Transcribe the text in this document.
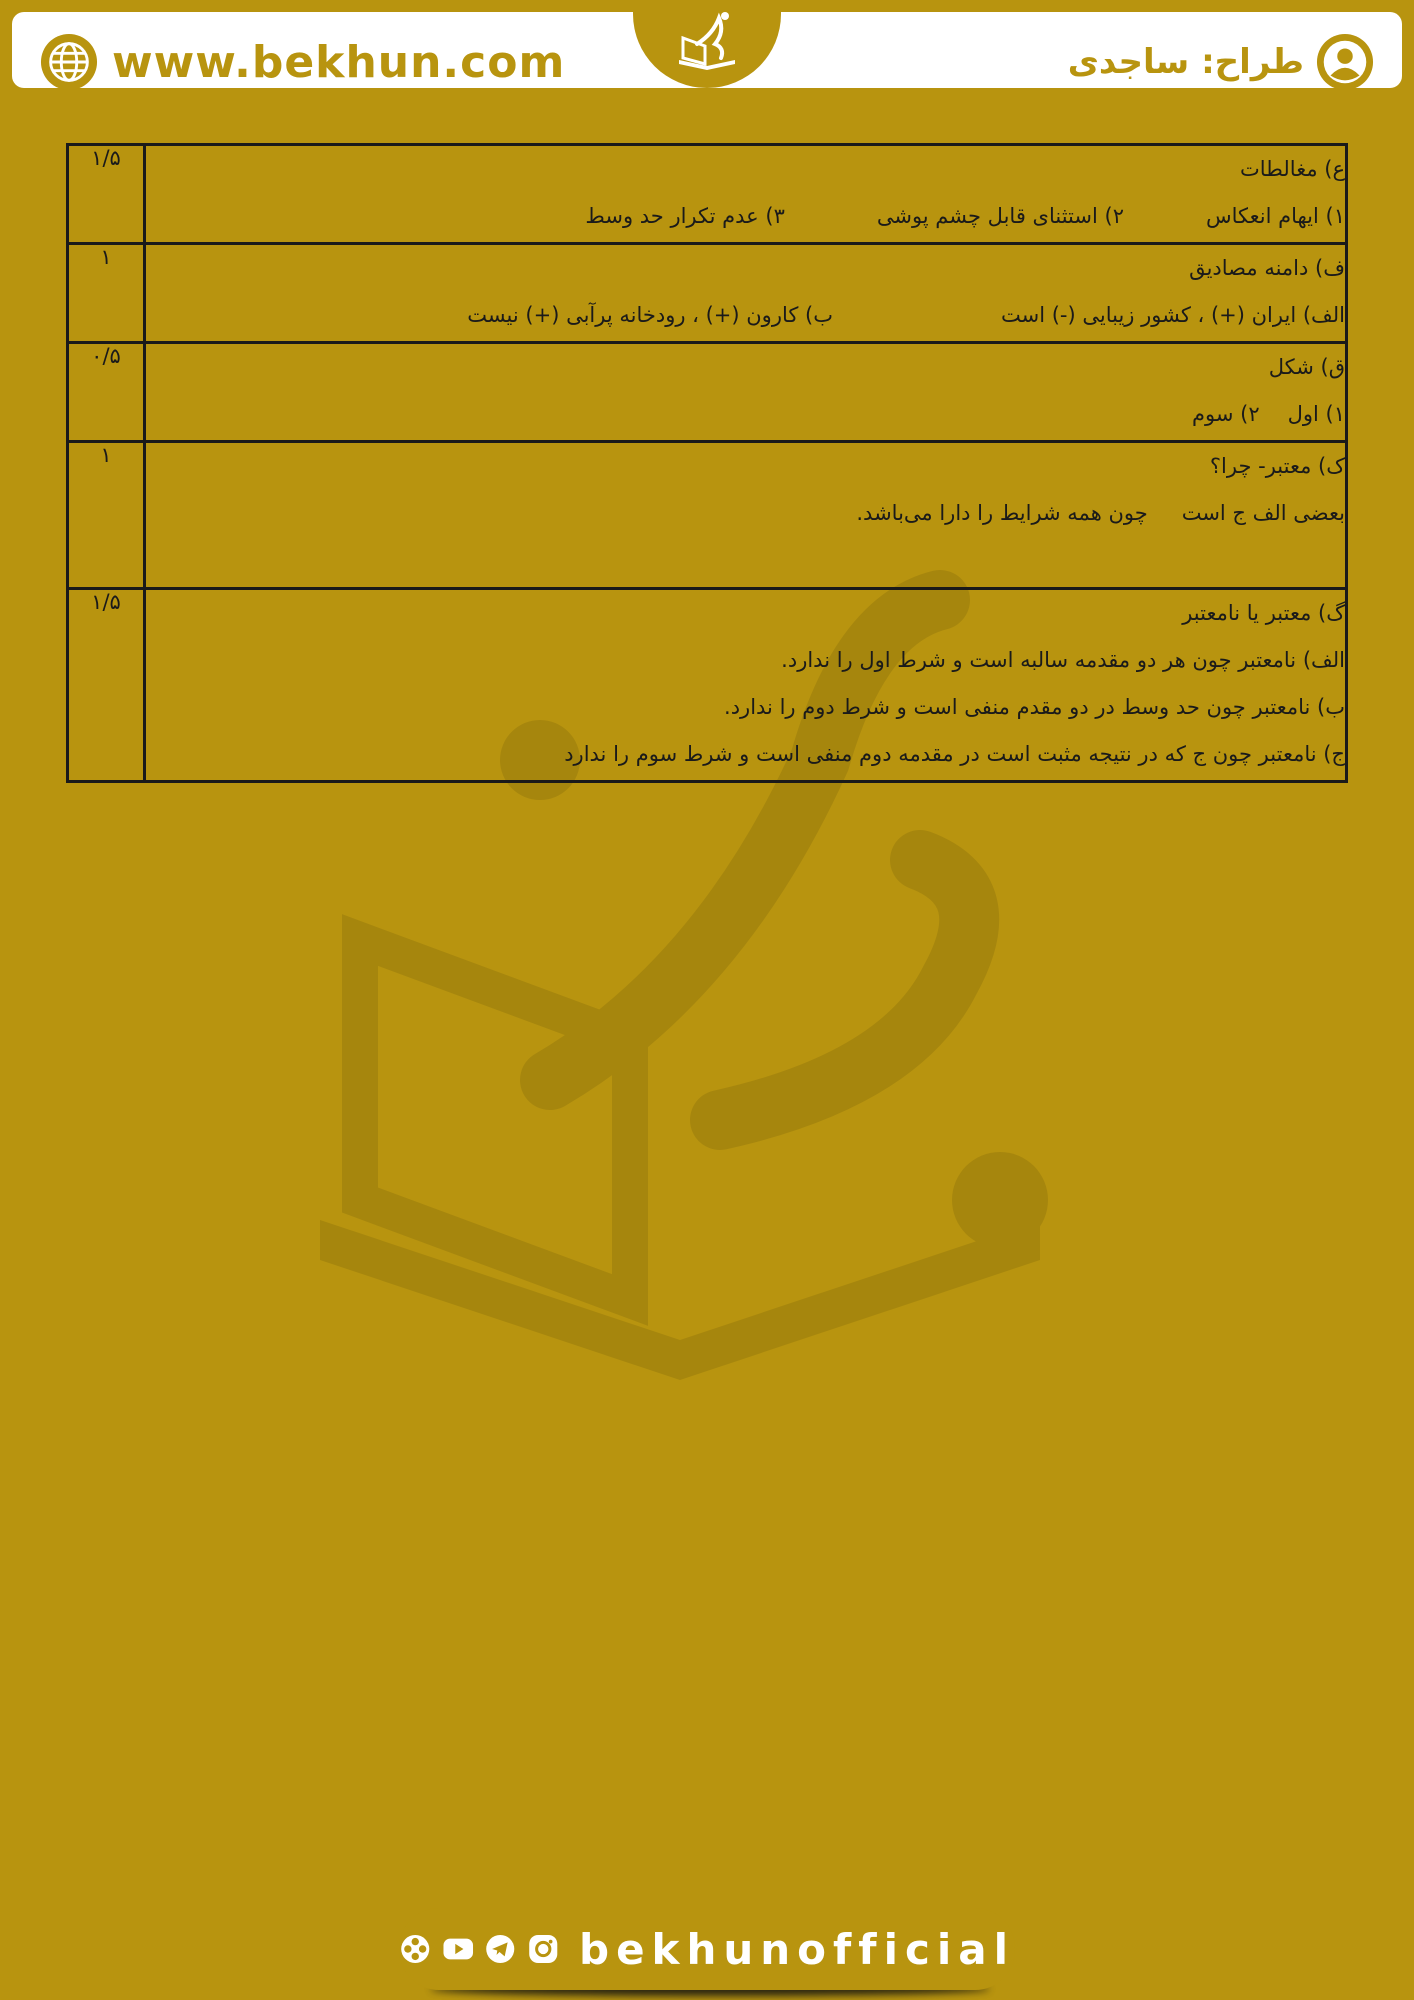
www.bekhun.com	طراح: ساجدی
ع) مغالطات
۱) ایهام انعکاس۲) استثنای قابل چشم پوشی۳) عدم تکرار حد وسط	۱/۵

ف) دامنه مصادیق
الف) ایران (+) ، کشور زیبایی (-) استب) کارون (+) ، رودخانه پرآبی (+) نیست	۱

ق) شکل
۱) اول۲) سوم	۰/۵

ک) معتبر- چرا؟
بعضی الف ج استچون همه شرایط را دارا می‌باشد.	۱

گ) معتبر یا نامعتبر
الف) نامعتبر چون هر دو مقدمه سالبه است و شرط اول را ندارد.
ب) نامعتبر چون حد وسط در دو مقدم منفی است و شرط دوم را ندارد.
ج) نامعتبر چون ج که در نتیجه مثبت است در مقدمه دوم منفی است و شرط سوم را ندارد	۱/۵
bekhunofficial
